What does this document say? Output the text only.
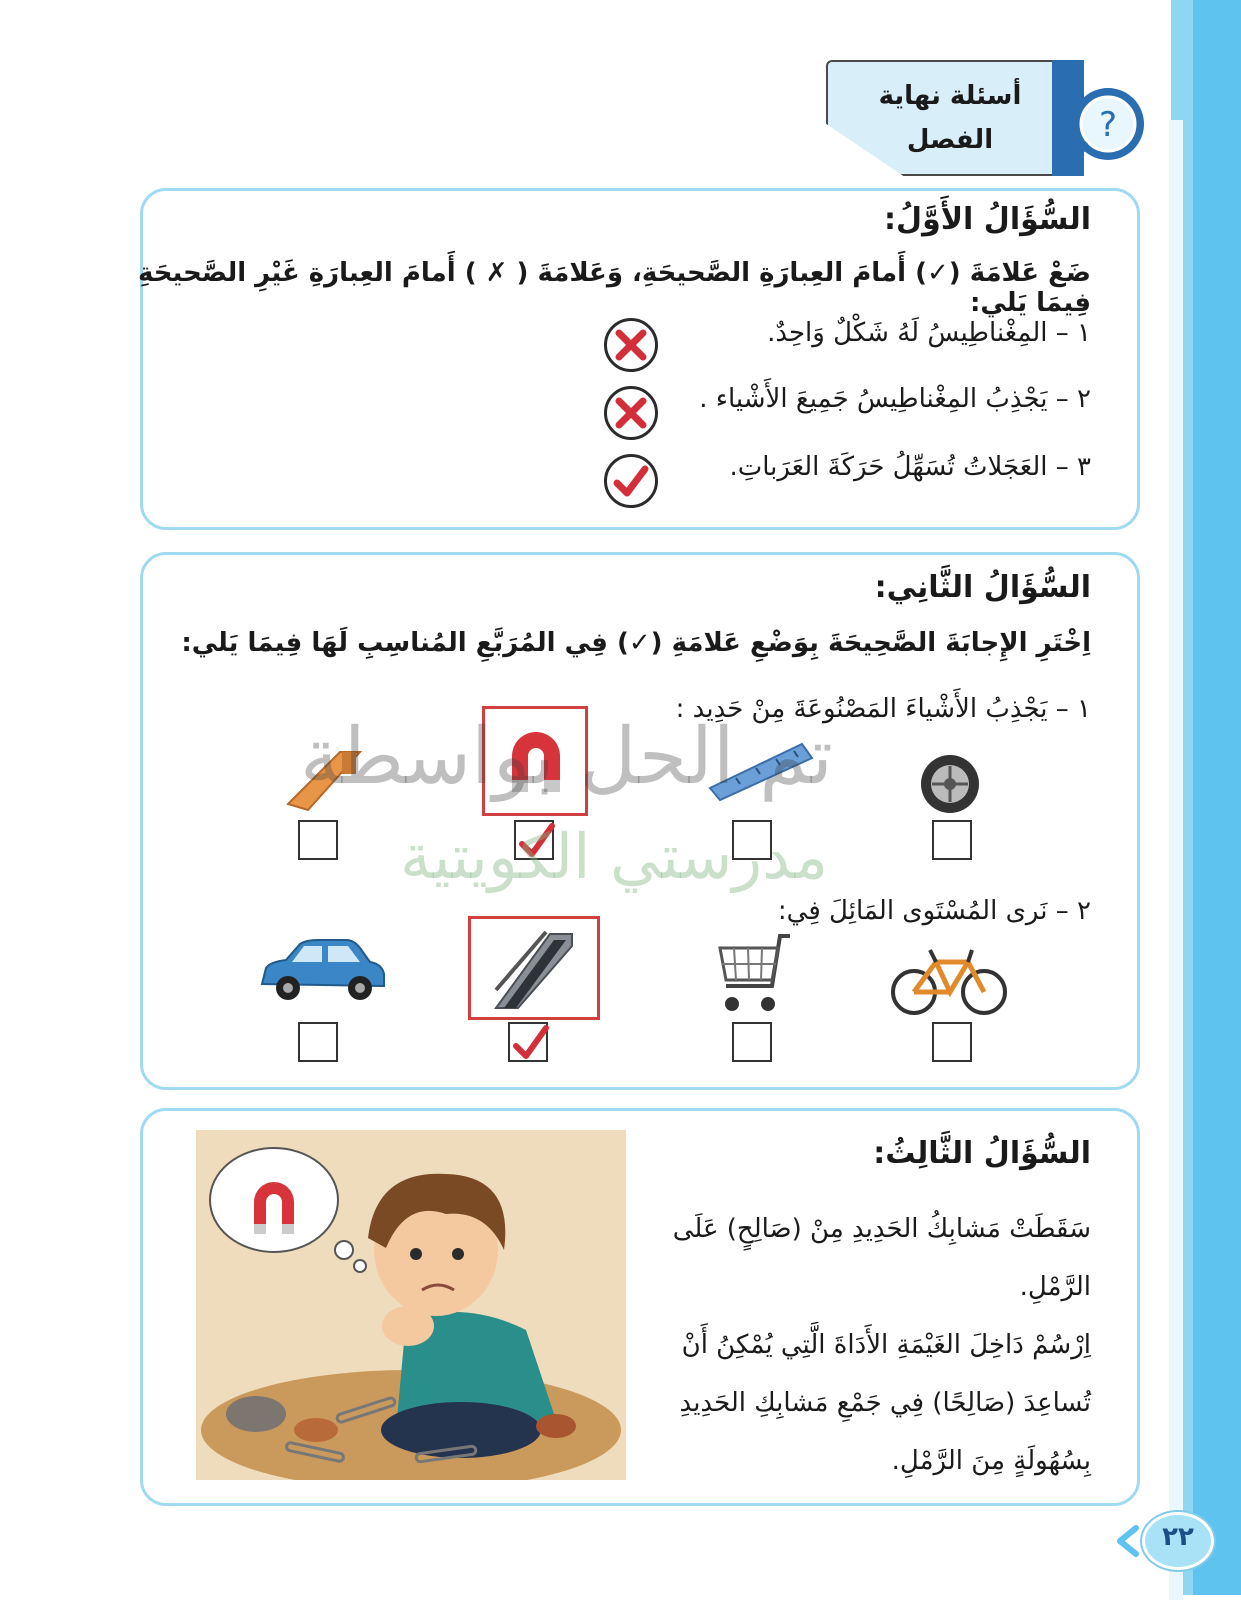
أسئلة نهاية
الفصل	?
السُّؤَالُ الأَوَّلُ:
ضَعْ عَلامَةَ (✓) أَمامَ العِبارَةِ الصَّحيحَةِ، وَعَلامَةَ ( ✗ ) أَمامَ العِبارَةِ غَيْرِ الصَّحيحَةِ فِيمَا يَلي:
١ – المِغْناطِيسُ لَهُ شَكْلٌ وَاحِدٌ.
٢ – يَجْذِبُ المِغْناطِيسُ جَمِيعَ الأَشْياء .
٣ – العَجَلاتُ تُسَهِّلُ حَرَكَةَ العَرَباتِ.
السُّؤَالُ الثَّانِي:
اِخْتَرِ الإِجابَةَ الصَّحِيحَةَ بِوَضْعِ عَلامَةِ (✓) فِي المُرَبَّعِ المُناسِبِ لَهَا فِيمَا يَلي:
١ – يَجْذِبُ الأَشْياءَ المَصْنُوعَةَ مِنْ حَدِيد :
٢ – نَرى المُسْتَوى المَائِلَ فِي:
تم الحل بواسطة
مدرستي الكويتية
السُّؤَالُ الثَّالِثُ:
سَقَطَتْ مَشابِكُ الحَدِيدِ مِنْ (صَالِحٍ) عَلَى
الرَّمْلِ.
اِرْسُمْ دَاخِلَ الغَيْمَةِ الأَدَاةَ الَّتِي يُمْكِنُ أَنْ
تُساعِدَ (صَالِحًا) فِي جَمْعِ مَشابِكِ الحَدِيدِ
بِسُهُولَةٍ مِنَ الرَّمْلِ.
٢٢
